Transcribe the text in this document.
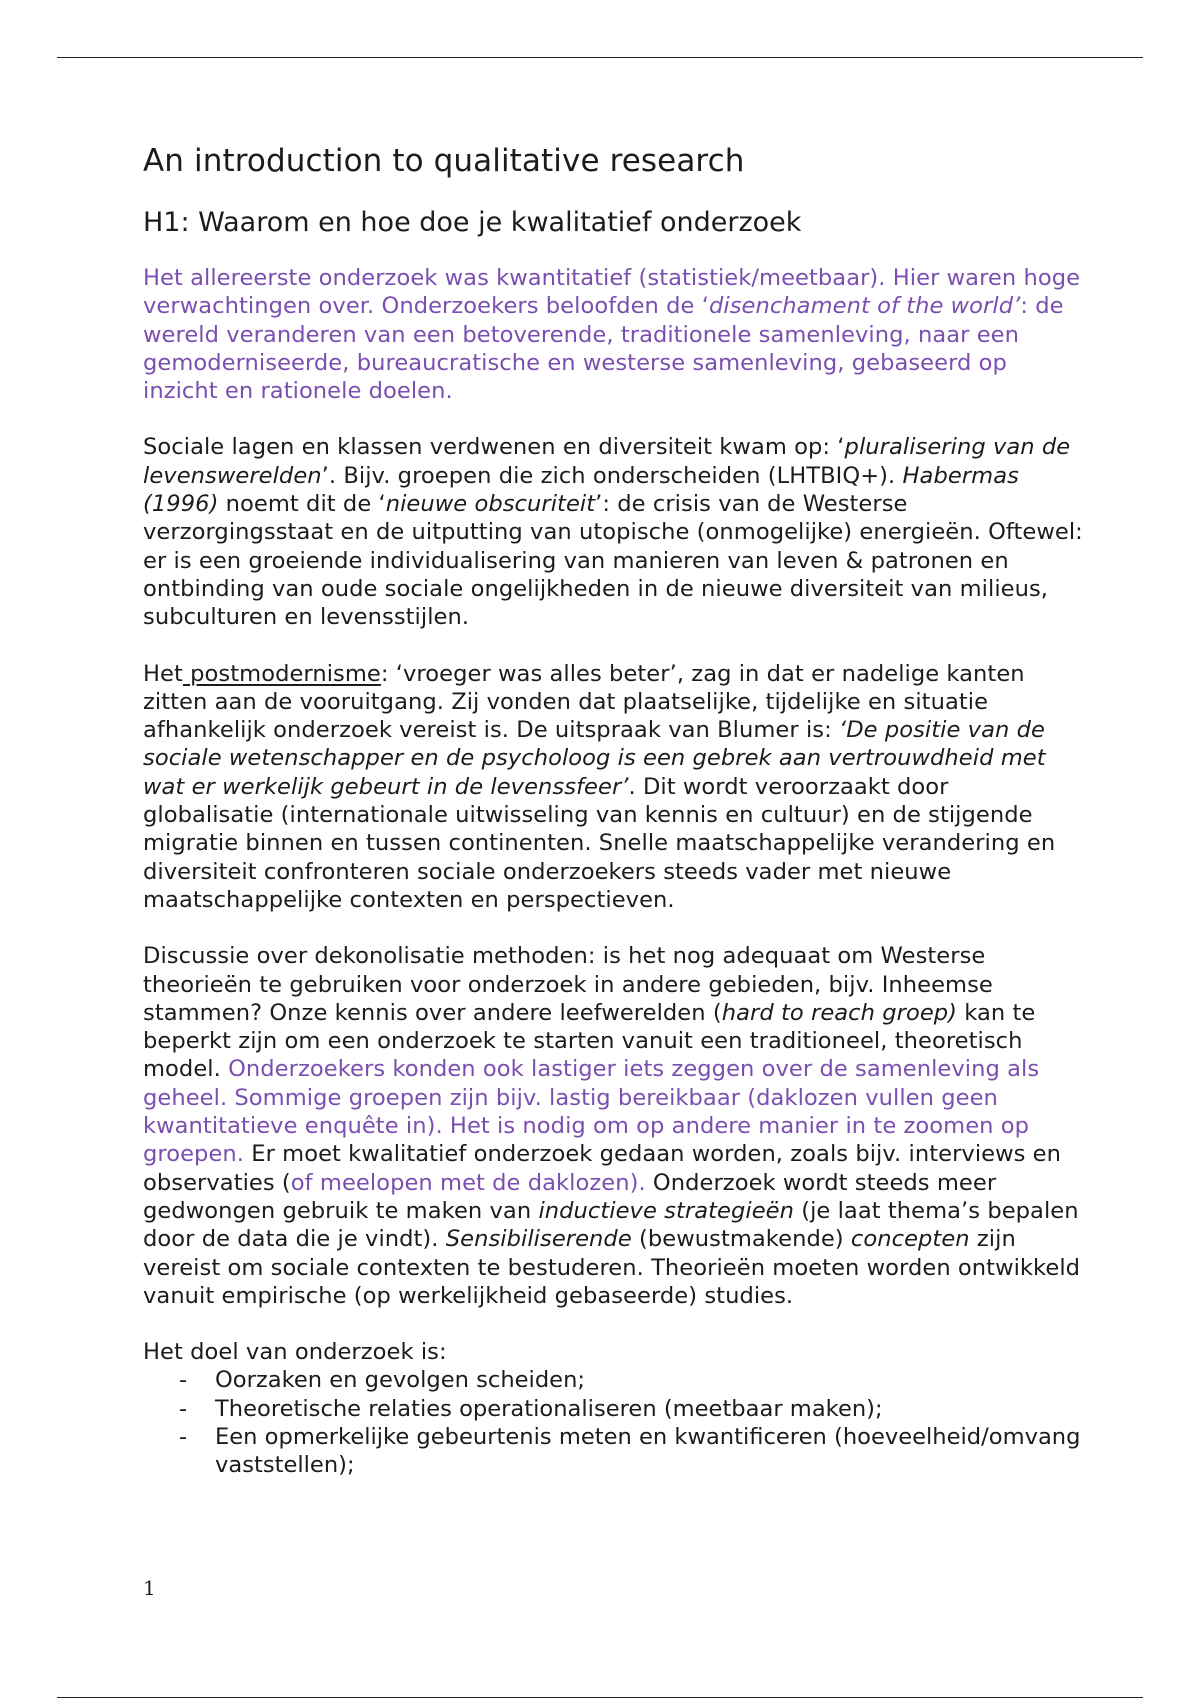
An introduction to qualitative research
H1: Waarom en hoe doe je kwalitatief onderzoek

Het allereerste onderzoek was kwantitatief (statistiek/meetbaar). Hier waren hoge verwachtingen over. Onderzoekers beloofden de ‘disenchament of the world’: de wereld veranderen van een betoverende, traditionele samenleving, naar een gemoderniseerde, bureaucratische en westerse samenleving, gebaseerd op inzicht en rationele doelen.

Sociale lagen en klassen verdwenen en diversiteit kwam op: ‘pluralisering van de levenswerelden’. Bijv. groepen die zich onderscheiden (LHTBIQ+). Habermas (1996) noemt dit de ‘nieuwe obscuriteit’: de crisis van de Westerse verzorgingsstaat en de uitputting van utopische (onmogelijke) energieën. Oftewel: er is een groeiende individualisering van manieren van leven & patronen en ontbinding van oude sociale ongelijkheden in de nieuwe diversiteit van milieus, subculturen en levensstijlen.

Het postmodernisme: ‘vroeger was alles beter’, zag in dat er nadelige kanten zitten aan de vooruitgang. Zij vonden dat plaatselijke, tijdelijke en situatie afhankelijk onderzoek vereist is. De uitspraak van Blumer is: ‘De positie van de sociale wetenschapper en de psycholoog is een gebrek aan vertrouwdheid met wat er werkelijk gebeurt in de levenssfeer’. Dit wordt veroorzaakt door globalisatie (internationale uitwisseling van kennis en cultuur) en de stijgende migratie binnen en tussen continenten. Snelle maatschappelijke verandering en diversiteit confronteren sociale onderzoekers steeds vader met nieuwe maatschappelijke contexten en perspectieven.

Discussie over dekonolisatie methoden: is het nog adequaat om Westerse theorieën te gebruiken voor onderzoek in andere gebieden, bijv. Inheemse stammen? Onze kennis over andere leefwerelden (hard to reach groep) kan te beperkt zijn om een onderzoek te starten vanuit een traditioneel, theoretisch model. Onderzoekers konden ook lastiger iets zeggen over de samenleving als geheel. Sommige groepen zijn bijv. lastig bereikbaar (daklozen vullen geen kwantitatieve enquête in). Het is nodig om op andere manier in te zoomen op groepen. Er moet kwalitatief onderzoek gedaan worden, zoals bijv. interviews en observaties (of meelopen met de daklozen). Onderzoek wordt steeds meer gedwongen gebruik te maken van inductieve strategieën (je laat thema’s bepalen door de data die je vindt). Sensibiliserende (bewustmakende) concepten zijn vereist om sociale contexten te bestuderen. Theorieën moeten worden ontwikkeld vanuit empirische (op werkelijkheid gebaseerde) studies.

Het doel van onderzoek is:

- Oorzaken en gevolgen scheiden;
- Theoretische relaties operationaliseren (meetbaar maken);
- Een opmerkelijke gebeurtenis meten en kwantificeren (hoeveelheid/omvang vaststellen);
1
